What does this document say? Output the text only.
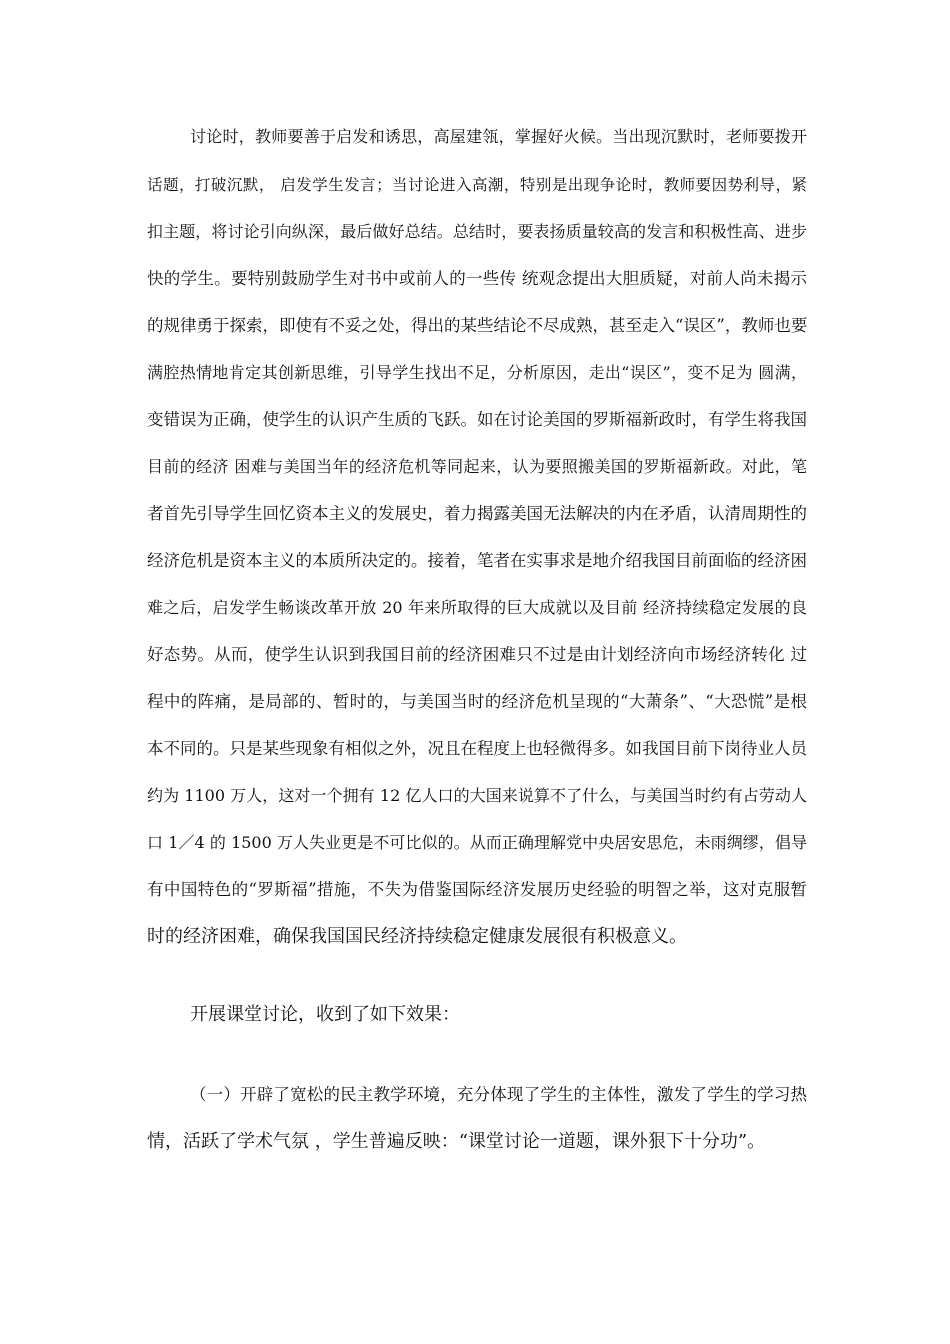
讨论时，教师要善于启发和诱思，高屋建瓴，掌握好火候。当出现沉默时，老师要拨开
话题，打破沉默， 启发学生发言；当讨论进入高潮，特别是出现争论时，教师要因势利导，紧
扣主题，将讨论引向纵深，最后做好总结。总结时，要表扬质量较高的发言和积极性高、进步
快的学生。要特别鼓励学生对书中或前人的一些传 统观念提出大胆质疑，对前人尚未揭示
的规律勇于探索，即使有不妥之处，得出的某些结论不尽成熟，甚至走入“误区”，教师也要
满腔热情地肯定其创新思维，引导学生找出不足，分析原因，走出“误区”，变不足为 圆满，
变错误为正确，使学生的认识产生质的飞跃。如在讨论美国的罗斯福新政时，有学生将我国
目前的经济 困难与美国当年的经济危机等同起来，认为要照搬美国的罗斯福新政。对此，笔
者首先引导学生回忆资本主义的发展史，着力揭露美国无法解决的内在矛盾，认清周期性的
经济危机是资本主义的本质所决定的。接着，笔者在实事求是地介绍我国目前面临的经济困
难之后，启发学生畅谈改革开放 20 年来所取得的巨大成就以及目前 经济持续稳定发展的良
好态势。从而，使学生认识到我国目前的经济困难只不过是由计划经济向市场经济转化 过
程中的阵痛，是局部的、暂时的，与美国当时的经济危机呈现的“大萧条”、“大恐慌”是根
本不同的。只是某些现象有相似之外，况且在程度上也轻微得多。如我国目前下岗待业人员
约为 1100 万人，这对一个拥有 12 亿人口的大国来说算不了什么，与美国当时约有占劳动人
口 1／4 的 1500 万人失业更是不可比似的。从而正确理解党中央居安思危，未雨绸缪，倡导
有中国特色的“罗斯福”措施，不失为借鉴国际经济发展历史经验的明智之举，这对克服暂
时的经济困难，确保我国国民经济持续稳定健康发展很有积极意义。
开展课堂讨论，收到了如下效果：
（一）开辟了宽松的民主教学环境，充分体现了学生的主体性，激发了学生的学习热
情，活跃了学术气氛 ，学生普遍反映：“课堂讨论一道题，课外狠下十分功”。
